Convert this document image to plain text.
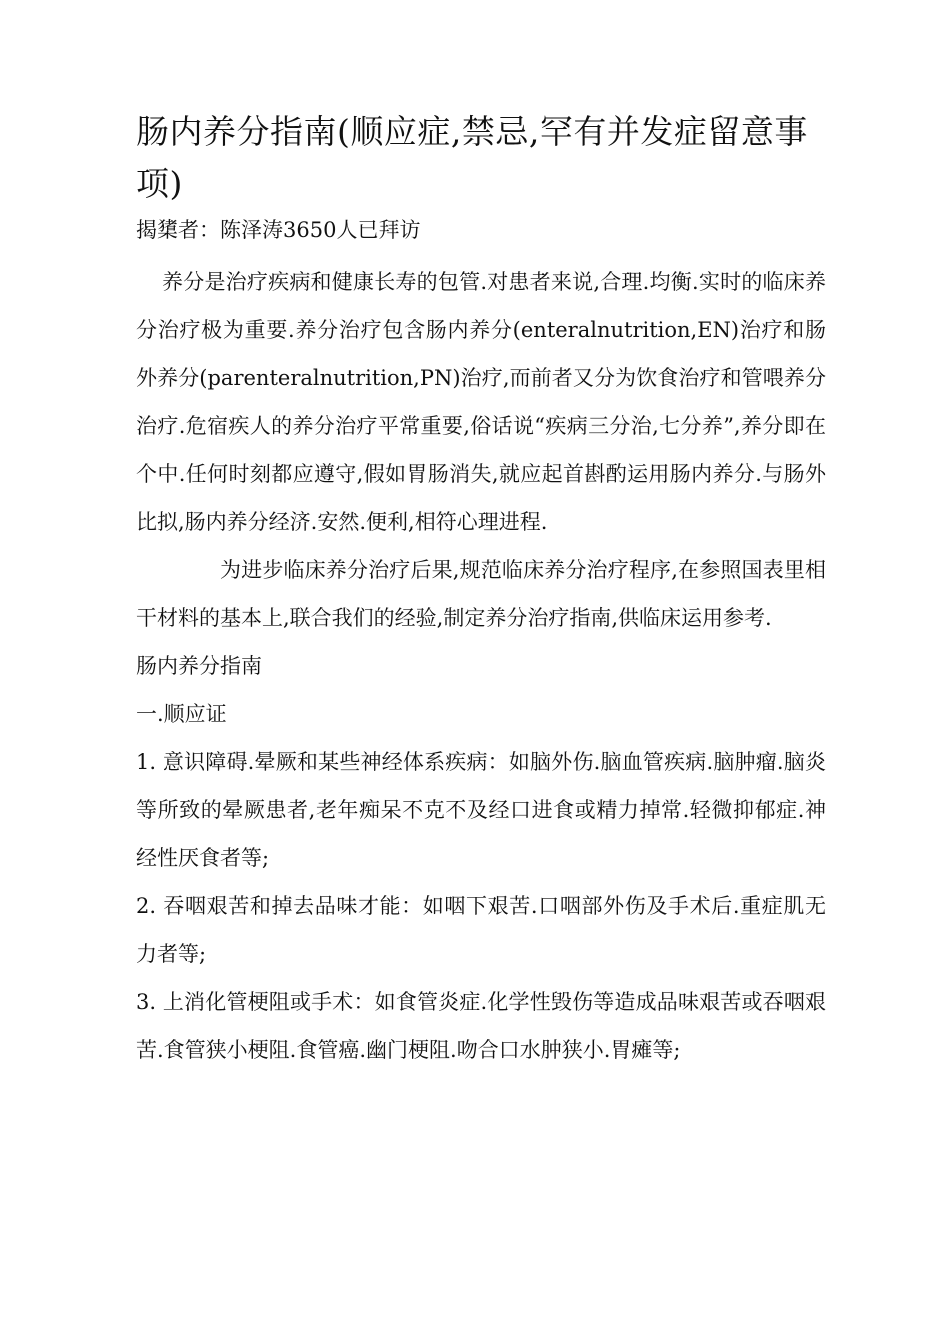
肠内养分指南(顺应症,禁忌,罕有并发症留意事项)
揭橥者：陈泽涛3650人已拜访

养分是治疗疾病和健康长寿的包管.对患者来说,合理.均衡.实时的临床养分治疗极为重要.养分治疗包含肠内养分(enteralnutrition,EN)治疗和肠外养分(parenteralnutrition,PN)治疗,而前者又分为饮食治疗和管喂养分治疗.危宿疾人的养分治疗平常重要,俗话说“疾病三分治,七分养”,养分即在个中.任何时刻都应遵守,假如胃肠消失,就应起首斟酌运用肠内养分.与肠外比拟,肠内养分经济.安然.便利,相符心理进程.

为进步临床养分治疗后果,规范临床养分治疗程序,在参照国表里相干材料的基本上,联合我们的经验,制定养分治疗指南,供临床运用参考.

肠内养分指南

一.顺应证

1. 意识障碍.晕厥和某些神经体系疾病：如脑外伤.脑血管疾病.脑肿瘤.脑炎等所致的晕厥患者,老年痴呆不克不及经口进食或精力掉常.轻微抑郁症.神经性厌食者等;

2. 吞咽艰苦和掉去品味才能：如咽下艰苦.口咽部外伤及手术后.重症肌无力者等;

3. 上消化管梗阻或手术：如食管炎症.化学性毁伤等造成品味艰苦或吞咽艰苦.食管狭小梗阻.食管癌.幽门梗阻.吻合口水肿狭小.胃瘫等;
